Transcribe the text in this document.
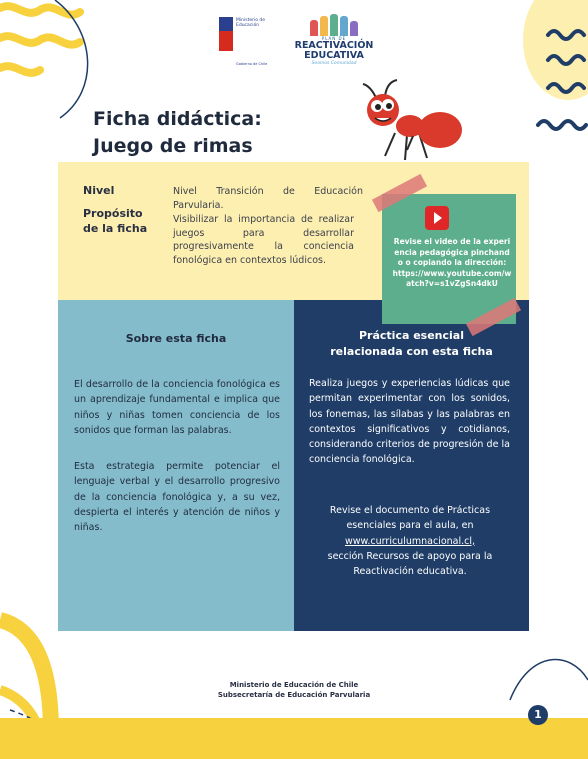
Ministerio de
Educación
Gobierno de Chile
PLAN DE
REACTIVACIÓN
EDUCATIVA
Seamos Comunidad
Ficha didáctica:
Juego de rimas
Nivel	Nivel Transición de Educación Parvularia.
Propósito
de la ficha
Visibilizar la importancia de realizar juegos para desarrollar progresivamente la conciencia fonológica en contextos lúdicos.
Sobre esta ficha
El desarrollo de la conciencia fonológica es un aprendizaje fundamental e implica que niños y niñas tomen conciencia de los sonidos que forman las palabras.
Esta estrategia permite potenciar el lenguaje verbal y el desarrollo progresivo de la conciencia fonológica y, a su vez, despierta el interés y atención de niños y niñas.
Práctica esencial
relacionada con esta ficha
Realiza juegos y experiencias lúdicas que permitan experimentar con los sonidos, los fonemas, las sílabas y las palabras en contextos significativos y cotidianos, considerando criterios de progresión de la conciencia fonológica.
Revise el documento de Prácticas
esenciales para el aula, en
www.curriculumnacional.cl,
sección Recursos de apoyo para la
Reactivación educativa.
Revise el video de la experiencia pedagógica pinchando o copiando la dirección:
https://www.youtube.com/watch?v=s1vZgSn4dkU
Ministerio de Educación de Chile
Subsecretaría de Educación Parvularia
1
